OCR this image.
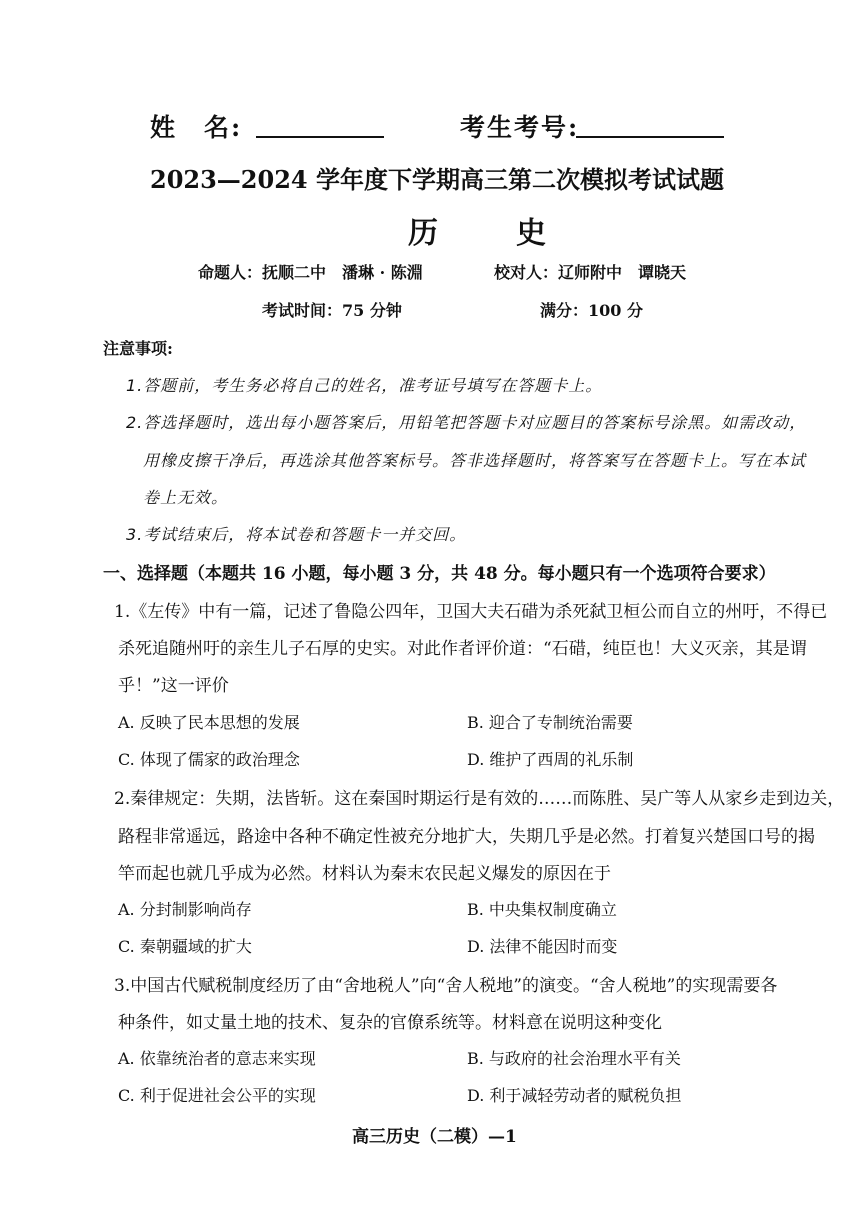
姓　名:	考生考号:
2023—2024 学年度下学期高三第二次模拟考试试题
历　史
命题人：抚顺二中　潘琳 · 陈淵	校对人：辽师附中　谭晓天
考试时间：75 分钟	满分：100 分
注意事项:
1.答题前，考生务必将自己的姓名，准考证号填写在答题卡上。
2.答选择题时，选出每小题答案后，用铅笔把答题卡对应题目的答案标号涂黑。如需改动，
用橡皮擦干净后，再选涂其他答案标号。答非选择题时，将答案写在答题卡上。写在本试
卷上无效。
3.考试结束后，将本试卷和答题卡一并交回。
一、选择题（本题共 16 小题，每小题 3 分，共 48 分。每小题只有一个选项符合要求）
1.《左传》中有一篇，记述了鲁隐公四年，卫国大夫石碏为杀死弑卫桓公而自立的州吁，不得已
杀死追随州吁的亲生儿子石厚的史实。对此作者评价道：“石碏，纯臣也！大义灭亲，其是谓
乎！”这一评价
A. 反映了民本思想的发展	B. 迎合了专制统治需要
C. 体现了儒家的政治理念	D. 维护了西周的礼乐制
2.秦律规定：失期，法皆斩。这在秦国时期运行是有效的……而陈胜、吴广等人从家乡走到边关，
路程非常遥远，路途中各种不确定性被充分地扩大，失期几乎是必然。打着复兴楚国口号的揭
竿而起也就几乎成为必然。材料认为秦末农民起义爆发的原因在于
A. 分封制影响尚存	B. 中央集权制度确立
C. 秦朝疆域的扩大	D. 法律不能因时而变
3.中国古代赋税制度经历了由“舍地税人”向“舍人税地”的演变。“舍人税地”的实现需要各
种条件，如丈量土地的技术、复杂的官僚系统等。材料意在说明这种变化
A. 依靠统治者的意志来实现	B. 与政府的社会治理水平有关
C. 利于促进社会公平的实现	D. 利于减轻劳动者的赋税负担
高三历史（二模）—1
